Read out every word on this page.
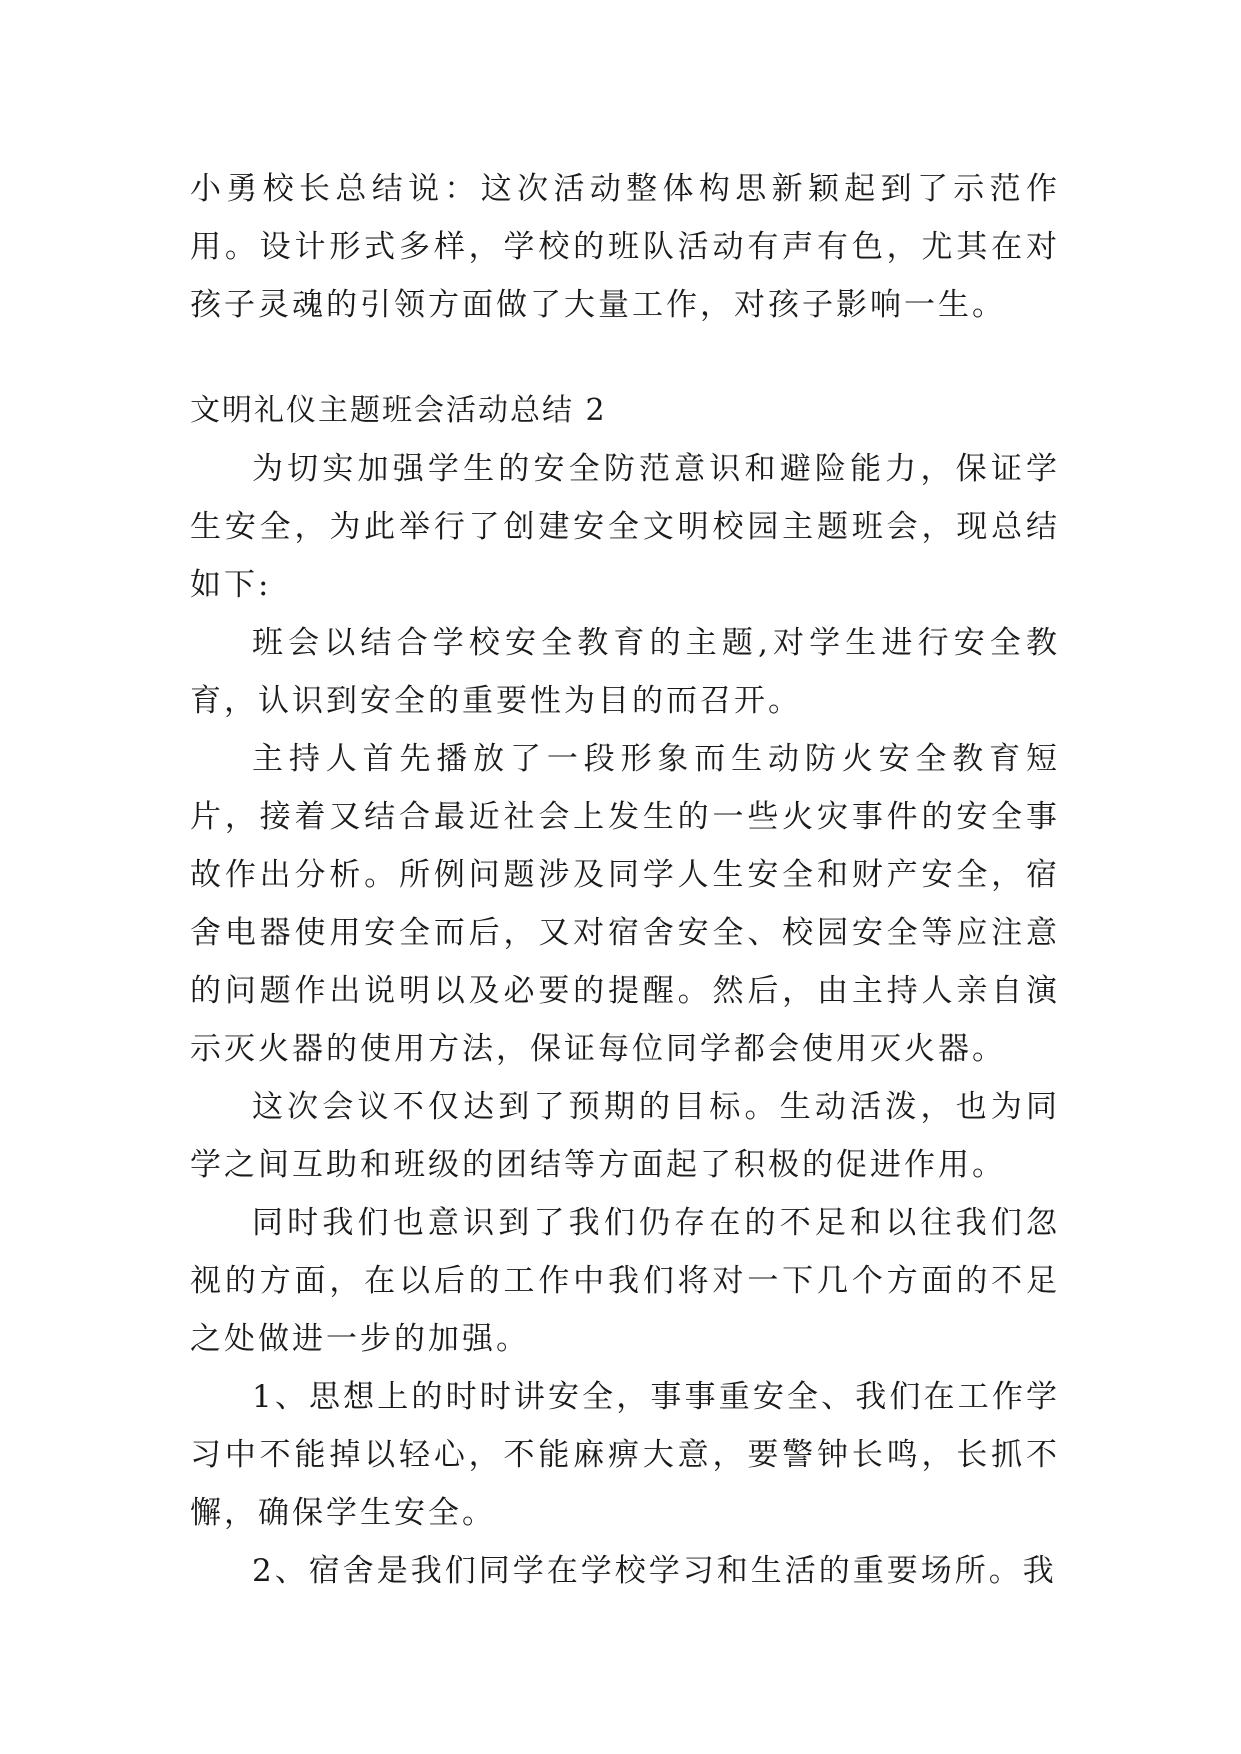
小勇校长总结说：这次活动整体构思新颖起到了示范作用。设计形式多样，学校的班队活动有声有色，尤其在对孩子灵魂的引领方面做了大量工作，对孩子影响一生。

文明礼仪主题班会活动总结 2

为切实加强学生的安全防范意识和避险能力，保证学生安全，为此举行了创建安全文明校园主题班会，现总结如下:

班会以结合学校安全教育的主题,对学生进行安全教育，认识到安全的重要性为目的而召开。

主持人首先播放了一段形象而生动防火安全教育短片，接着又结合最近社会上发生的一些火灾事件的安全事故作出分析。所例问题涉及同学人生安全和财产安全，宿舍电器使用安全而后，又对宿舍安全、校园安全等应注意的问题作出说明以及必要的提醒。然后，由主持人亲自演示灭火器的使用方法，保证每位同学都会使用灭火器。

这次会议不仅达到了预期的目标。生动活泼，也为同学之间互助和班级的团结等方面起了积极的促进作用。

同时我们也意识到了我们仍存在的不足和以往我们忽视的方面，在以后的工作中我们将对一下几个方面的不足之处做进一步的加强。

1、思想上的时时讲安全，事事重安全、我们在工作学习中不能掉以轻心，不能麻痹大意，要警钟长鸣，长抓不懈，确保学生安全。

2、宿舍是我们同学在学校学习和生活的重要场所。我
